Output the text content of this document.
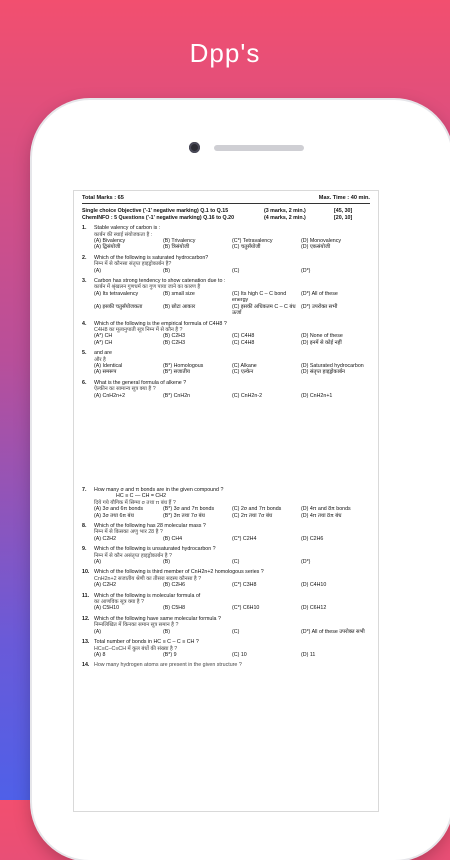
Dpp's
Total Marks : 65	Max. Time : 40 min.
Single choice Objective ('-1' negative marking) Q.1 to Q.15	(3 marks, 2 min.)	[45, 30]
ChemINFO : 5 Questions ('-1' negative marking) Q.16 to Q.20	(4 marks, 2 min.)	[20, 10]
1.	Stable valency of carbon is :
कार्बन की स्थाई संयोजकता है :
(A) Bivalency	(B) Trivalency	(C*) Tetravalency	(D) Monovalency
(A) द्विसंयोजी	(B) त्रिसंयोजी	(C) चतुर्संयोजी	(D) एकसंयोजी
2.	Which of the following is saturated hydrocarbon?
निम्न में से कौनसा संतृप्त हाइड्रोकार्बन है?
(A)	(B)	(C)	(D*)
3.	Carbon has strong tendency to show catenation due to :
कार्बन में श्रृंखलन गुणधर्म का गुण पाया जाने का कारण है
(A) Its tetravalency	(B) small size	(C) Its high C – C bond energy
(D*) All of these
(A) इसकी चतुर्संयोजकता	(B) छोटा आकार	(C) इसकी अधिकतम C – C बंध ऊर्जा
(D*) उपरोक्त सभी
4.	Which of the following is the empirical formula of C4H8 ?
C4H8 का मूलानुपाती सूत्र निम्न में से कौन है ?
(A*) CH	(B) C2H3	(C) C4H8	(D) None of these
(A*) CH	(B) C2H3	(C) C4H8	(D) इनमें से कोई नहीं
5.	and are
और है
(A) Identical	(B*) Homologous	(C) Alkane	(D) Saturated hydrocarbon
(A) समरूप	(B*) सजातीय	(C) एल्केन	(D) संतृप्त हाइड्रोकार्बन
6.	What is the general formula of alkene ?
ऐल्कीन का सामान्य सूत्र क्या है ?
(A) CnH2n+2	(B*) CnH2n	(C) CnH2n-2	(D) CnH2n+1
7.	How many σ and π bonds are in the given compound ?
HC ≡ C — CH = CH2
दिये गये यौगिक में सिग्मा σ तथा π बंध हैं ?
(A) 3σ and 6π bonds	(B*) 3σ and 7π bonds	(C) 2σ and 7π bonds	(D) 4π and 8π bonds
(A) 3σ तथा 6π बंध	(B*) 3π तथा 7σ बंध	(C) 2π तथा 7σ बंध	(D) 4π तथा 8π बंध
8.	Which of the following has 28 molecular mass ?
निम्न में से किसका अणु भार 28 है ?
(A) C2H2	(B) CH4	(C*) C2H4	(D) C2H6
9.	Which of the following is unsaturated hydrocarbon ?
निम्न में से कौन असंतृप्त हाइड्रोकार्बन है ?
(A)	(B)	(C)	(D*)
10. Which of the following is third member of CnH2n+2 homologous series ?
CnH2n+2 सजातीय श्रेणी का तीसरा सदस्य कौनसा है ?
(A) C2H2	(B) C2H6	(C*) C3H8	(D) C4H10
11. Which of the following is molecular formula of
का आणविक सूत्र क्या है ?
(A) C5H10	(B) C5H8	(C*) C6H10	(D) C6H12
12. Which of the following have same molecular formula ?
निम्नलिखित में किनका समान सूत्र समान है ?
(A)	(B)	(C)	(D*) All of these उपरोक्त सभी
13. Total number of bonds in HC ≡ C – C ≡ CH ?
HC≡C–C≡CH में कुल बंधों की संख्या है ?
(A) 8	(B*) 9	(C) 10	(D) 11
14. How many hydrogen atoms are present in the given structure ?
